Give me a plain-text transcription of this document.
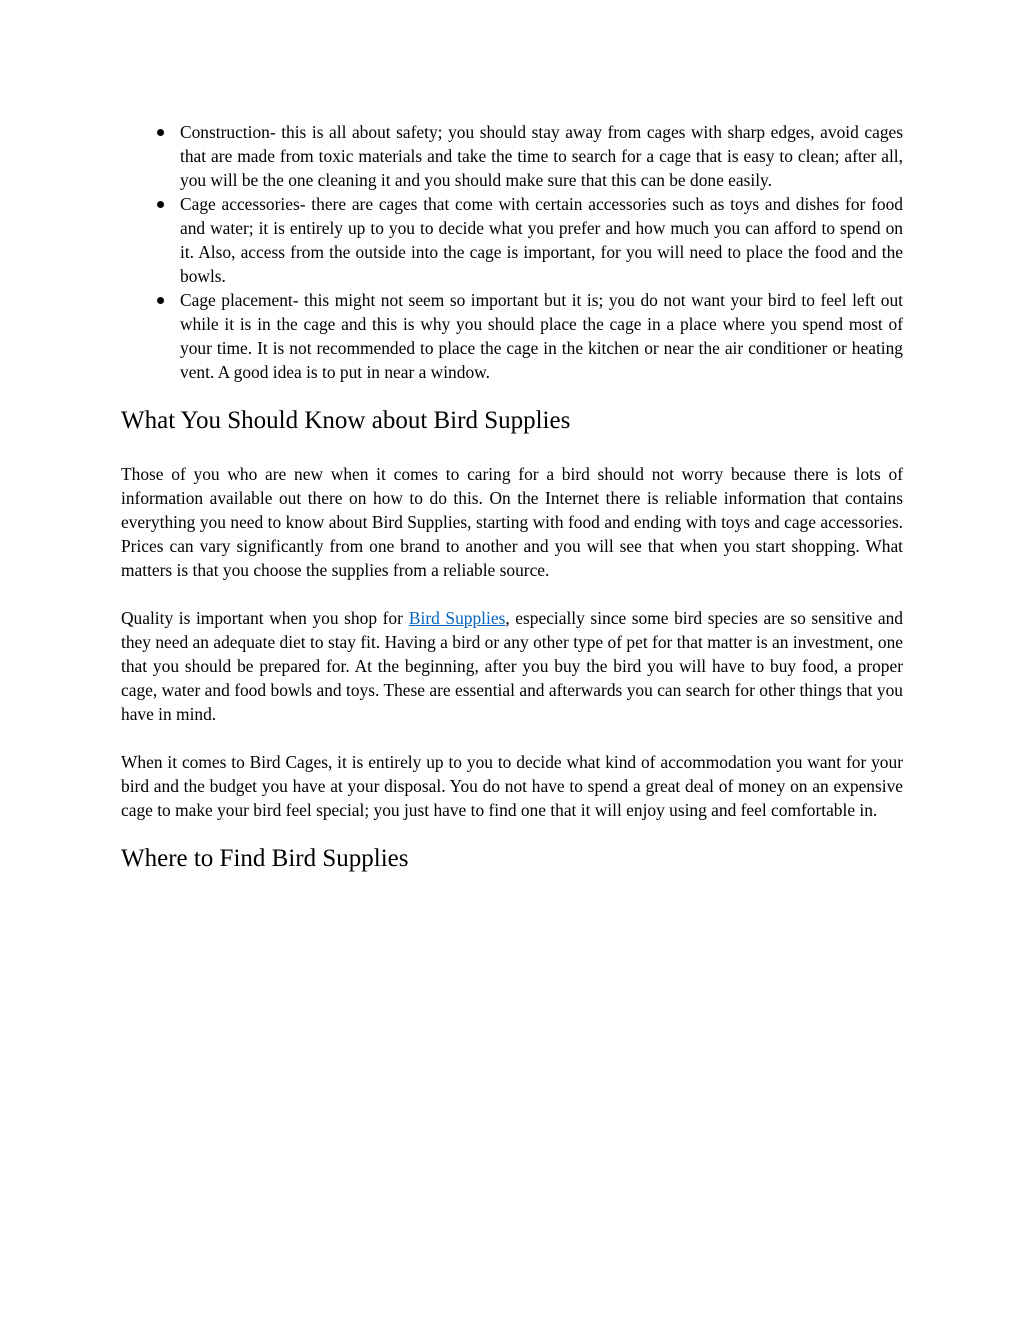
Construction- this is all about safety; you should stay away from cages with sharp edges, avoid cages that are made from toxic materials and take the time to search for a cage that is easy to clean; after all, you will be the one cleaning it and you should make sure that this can be done easily.
Cage accessories- there are cages that come with certain accessories such as toys and dishes for food and water; it is entirely up to you to decide what you prefer and how much you can afford to spend on it. Also, access from the outside into the cage is important, for you will need to place the food and the bowls.
Cage placement- this might not seem so important but it is; you do not want your bird to feel left out while it is in the cage and this is why you should place the cage in a place where you spend most of your time. It is not recommended to place the cage in the kitchen or near the air conditioner or heating vent. A good idea is to put in near a window.
What You Should Know about Bird Supplies

Those of you who are new when it comes to caring for a bird should not worry because there is lots of information available out there on how to do this. On the Internet there is reliable information that contains everything you need to know about Bird Supplies, starting with food and ending with toys and cage accessories. Prices can vary significantly from one brand to another and you will see that when you start shopping. What matters is that you choose the supplies from a reliable source.

Quality is important when you shop for Bird Supplies, especially since some bird species are so sensitive and they need an adequate diet to stay fit. Having a bird or any other type of pet for that matter is an investment, one that you should be prepared for. At the beginning, after you buy the bird you will have to buy food, a proper cage, water and food bowls and toys. These are essential and afterwards you can search for other things that you have in mind.

When it comes to Bird Cages, it is entirely up to you to decide what kind of accommodation you want for your bird and the budget you have at your disposal. You do not have to spend a great deal of money on an expensive cage to make your bird feel special; you just have to find one that it will enjoy using and feel comfortable in.

Where to Find Bird Supplies
